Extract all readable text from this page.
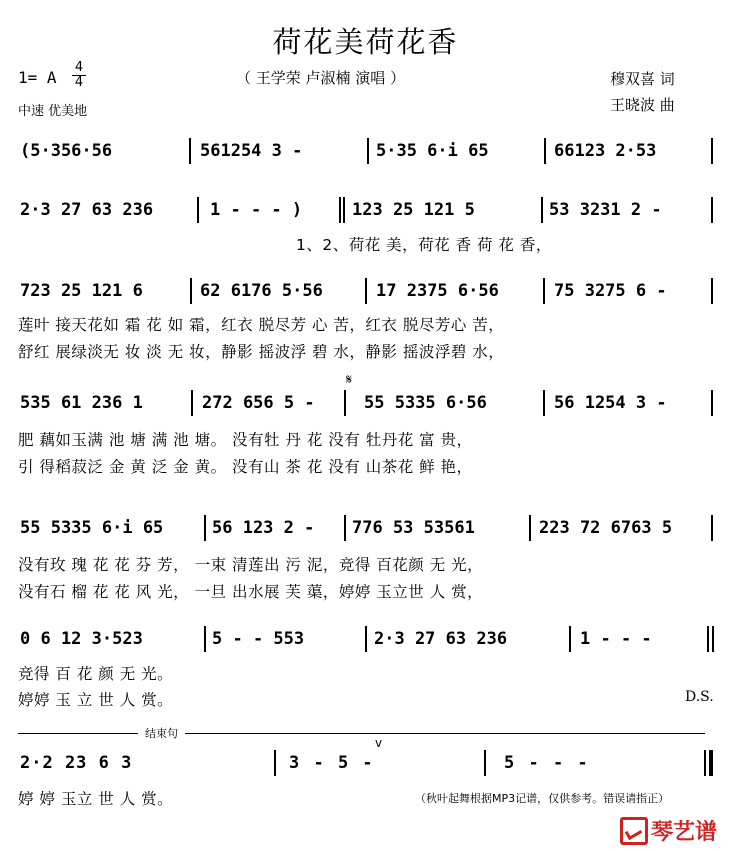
荷花美荷花香
（ 王学荣 卢淑楠 演唱 ）
1= A
4
4
中速 优美地
穆双喜 词
王晓波 曲
(5·356·56	561254 3 -	5·35 6·i 65	66123 2·53
2·3 27 63 236	1 - - - )	123 25 121 5	53 3231 2 -
1、2、荷花 美，荷花 香 荷 花 香，
723 25 121 6	62 6176 5·56	17 2375 6·56	75 3275 6 -
莲叶 接天花如 霜 花 如 霜，红衣 脱尽芳 心 苦，红衣 脱尽芳心 苦，
舒红 展绿淡无 妆 淡 无 妆，静影 摇波浮 碧 水，静影 摇波浮碧 水，
535 61 236 1	272 656 5 -	55 5335 6·56	56 1254 3 -
𝄋
肥 藕如玉满 池 塘 满 池 塘。 没有牡 丹 花 没有 牡丹花 富 贵，
引 得稻菽泛 金 黄 泛 金 黄。 没有山 茶 花 没有 山茶花 鲜 艳，
55 5335 6·i 65	56 123 2 -	776 53 53561	223 72 6763 5
没有玫 瑰 花 花 芬 芳， 一束 清莲出 污 泥，竞得 百花颜 无 光，
没有石 榴 花 花 风 光， 一旦 出水展 芙 蕖，婷婷 玉立世 人 赏，
0 6 12 3·523	5 - - 553	2·3 27 63 236	1 - - -
竞得 百 花 颜 无 光。
婷婷 玉 立 世 人 赏。	D.S.
结束句
v
2·2 23 6 3	3 - 5 -	5 - - -
婷 婷 玉立 世 人 赏。	（秋叶起舞根据MP3记谱，仅供参考。错误请指正）
琴艺谱
